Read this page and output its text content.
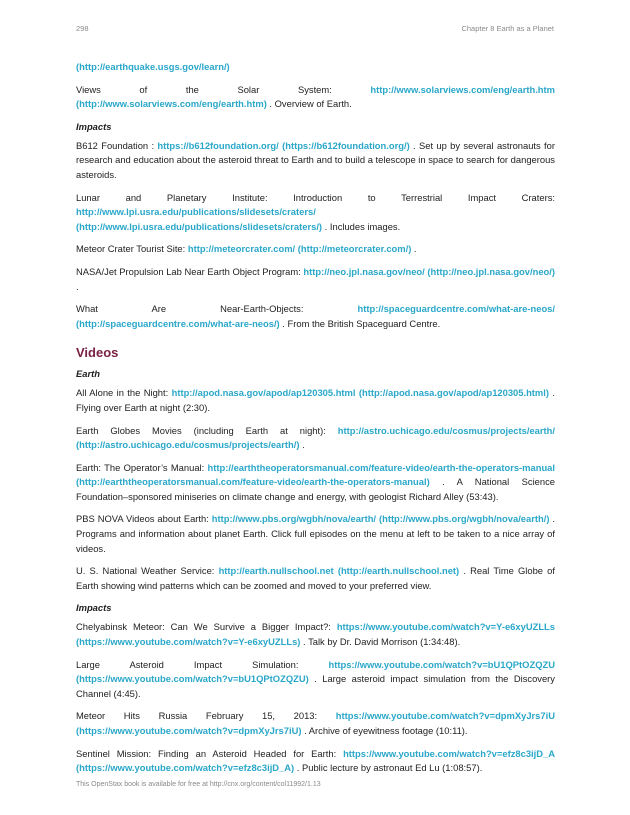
298	Chapter 8 Earth as a Planet

(http://earthquake.usgs.gov/learn/)

Views of the Solar System: http://www.solarviews.com/eng/earth.htm (http://www.solarviews.com/eng/earth.htm) . Overview of Earth.

Impacts

B612 Foundation : https://b612foundation.org/ (https://b612foundation.org/) . Set up by several astronauts for research and education about the asteroid threat to Earth and to build a telescope in space to search for dangerous asteroids.

Lunar and Planetary Institute: Introduction to Terrestrial Impact Craters: http://www.lpi.usra.edu/publications/slidesets/craters/ (http://www.lpi.usra.edu/publications/slidesets/craters/) . Includes images.

Meteor Crater Tourist Site: http://meteorcrater.com/ (http://meteorcrater.com/) .

NASA/Jet Propulsion Lab Near Earth Object Program: http://neo.jpl.nasa.gov/neo/ (http://neo.jpl.nasa.gov/neo/) .

What Are Near-Earth-Objects: http://spaceguardcentre.com/what-are-neos/ (http://spaceguardcentre.com/what-are-neos/) . From the British Spaceguard Centre.

Videos
Earth

All Alone in the Night: http://apod.nasa.gov/apod/ap120305.html (http://apod.nasa.gov/apod/ap120305.html) . Flying over Earth at night (2:30).

Earth Globes Movies (including Earth at night): http://astro.uchicago.edu/cosmus/projects/earth/ (http://astro.uchicago.edu/cosmus/projects/earth/) .

Earth: The Operator’s Manual: http://earththeoperatorsmanual.com/feature-video/earth-the-operators-manual (http://earththeoperatorsmanual.com/feature-video/earth-the-operators-manual) . A National Science Foundation–sponsored miniseries on climate change and energy, with geologist Richard Alley (53:43).

PBS NOVA Videos about Earth: http://www.pbs.org/wgbh/nova/earth/ (http://www.pbs.org/wgbh/nova/earth/) . Programs and information about planet Earth. Click full episodes on the menu at left to be taken to a nice array of videos.

U. S. National Weather Service: http://earth.nullschool.net (http://earth.nullschool.net) . Real Time Globe of Earth showing wind patterns which can be zoomed and moved to your preferred view.

Impacts

Chelyabinsk Meteor: Can We Survive a Bigger Impact?: https://www.youtube.com/watch?v=Y-e6xyUZLLs (https://www.youtube.com/watch?v=Y-e6xyUZLLs) . Talk by Dr. David Morrison (1:34:48).

Large Asteroid Impact Simulation: https://www.youtube.com/watch?v=bU1QPtOZQZU (https://www.youtube.com/watch?v=bU1QPtOZQZU) . Large asteroid impact simulation from the Discovery Channel (4:45).

Meteor Hits Russia February 15, 2013: https://www.youtube.com/watch?v=dpmXyJrs7iU (https://www.youtube.com/watch?v=dpmXyJrs7iU) . Archive of eyewitness footage (10:11).

Sentinel Mission: Finding an Asteroid Headed for Earth: https://www.youtube.com/watch?v=efz8c3ijD_A (https://www.youtube.com/watch?v=efz8c3ijD_A) . Public lecture by astronaut Ed Lu (1:08:57).

This OpenStax book is available for free at http://cnx.org/content/col11992/1.13
